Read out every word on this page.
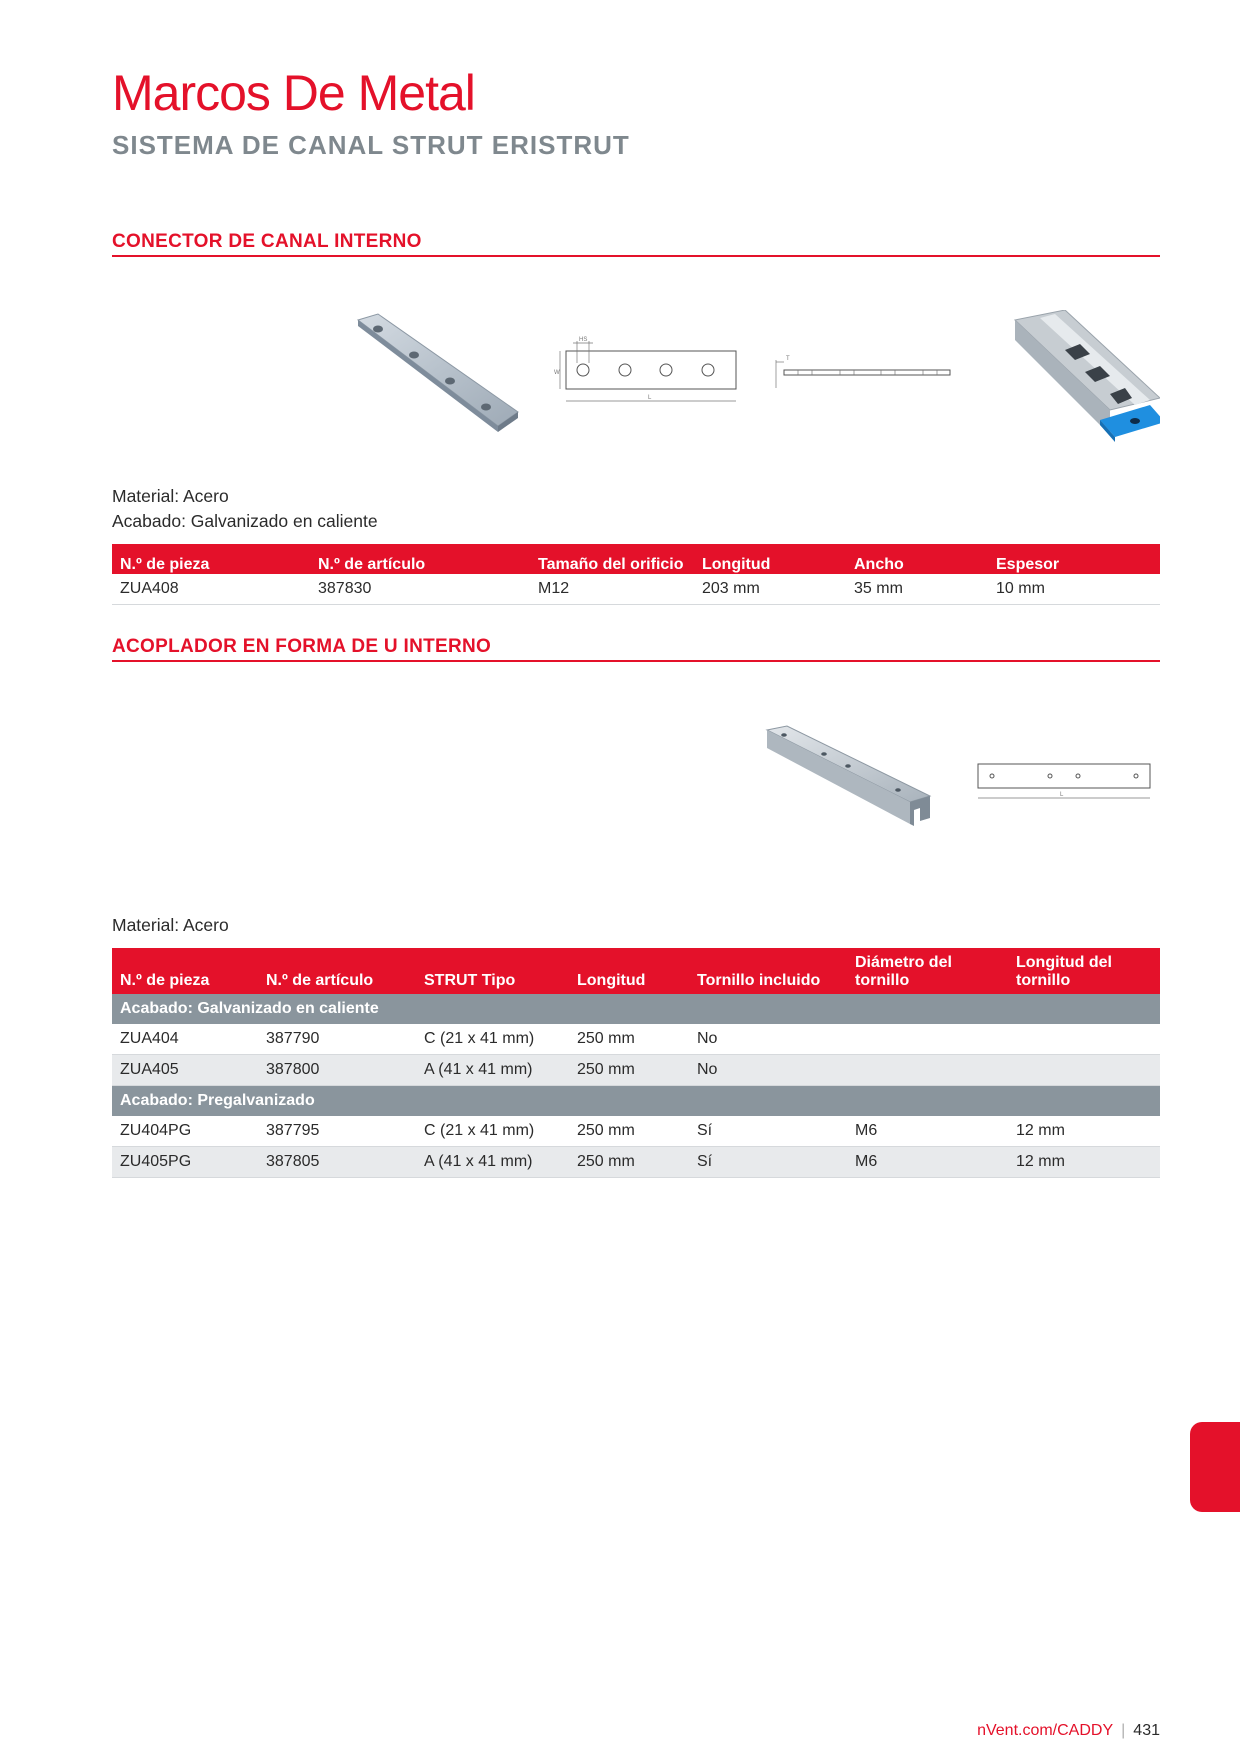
Marcos De Metal
SISTEMA DE CANAL STRUT ERISTRUT
CONECTOR DE CANAL INTERNO
HS
W
L
T
Material: Acero
Acabado: Galvanizado en caliente
N.º de pieza	N.º de artículo	Tamaño del orificio	Longitud	Ancho	Espesor
ZUA408	387830	M12	203 mm	35 mm	10 mm
ACOPLADOR EN FORMA DE U INTERNO
L
Material: Acero
N.º de pieza	N.º de artículo	STRUT Tipo	Longitud	Tornillo incluido	Diámetro del tornillo	Longitud del tornillo
Acabado: Galvanizado en caliente						
ZUA404	387790	C (21 x 41 mm)	250 mm	No		
ZUA405	387800	A (41 x 41 mm)	250 mm	No		
Acabado: Pregalvanizado						
ZU404PG	387795	C (21 x 41 mm)	250 mm	Sí	M6	12 mm
ZU405PG	387805	A (41 x 41 mm)	250 mm	Sí	M6	12 mm
nVent.com/CADDY | 431
